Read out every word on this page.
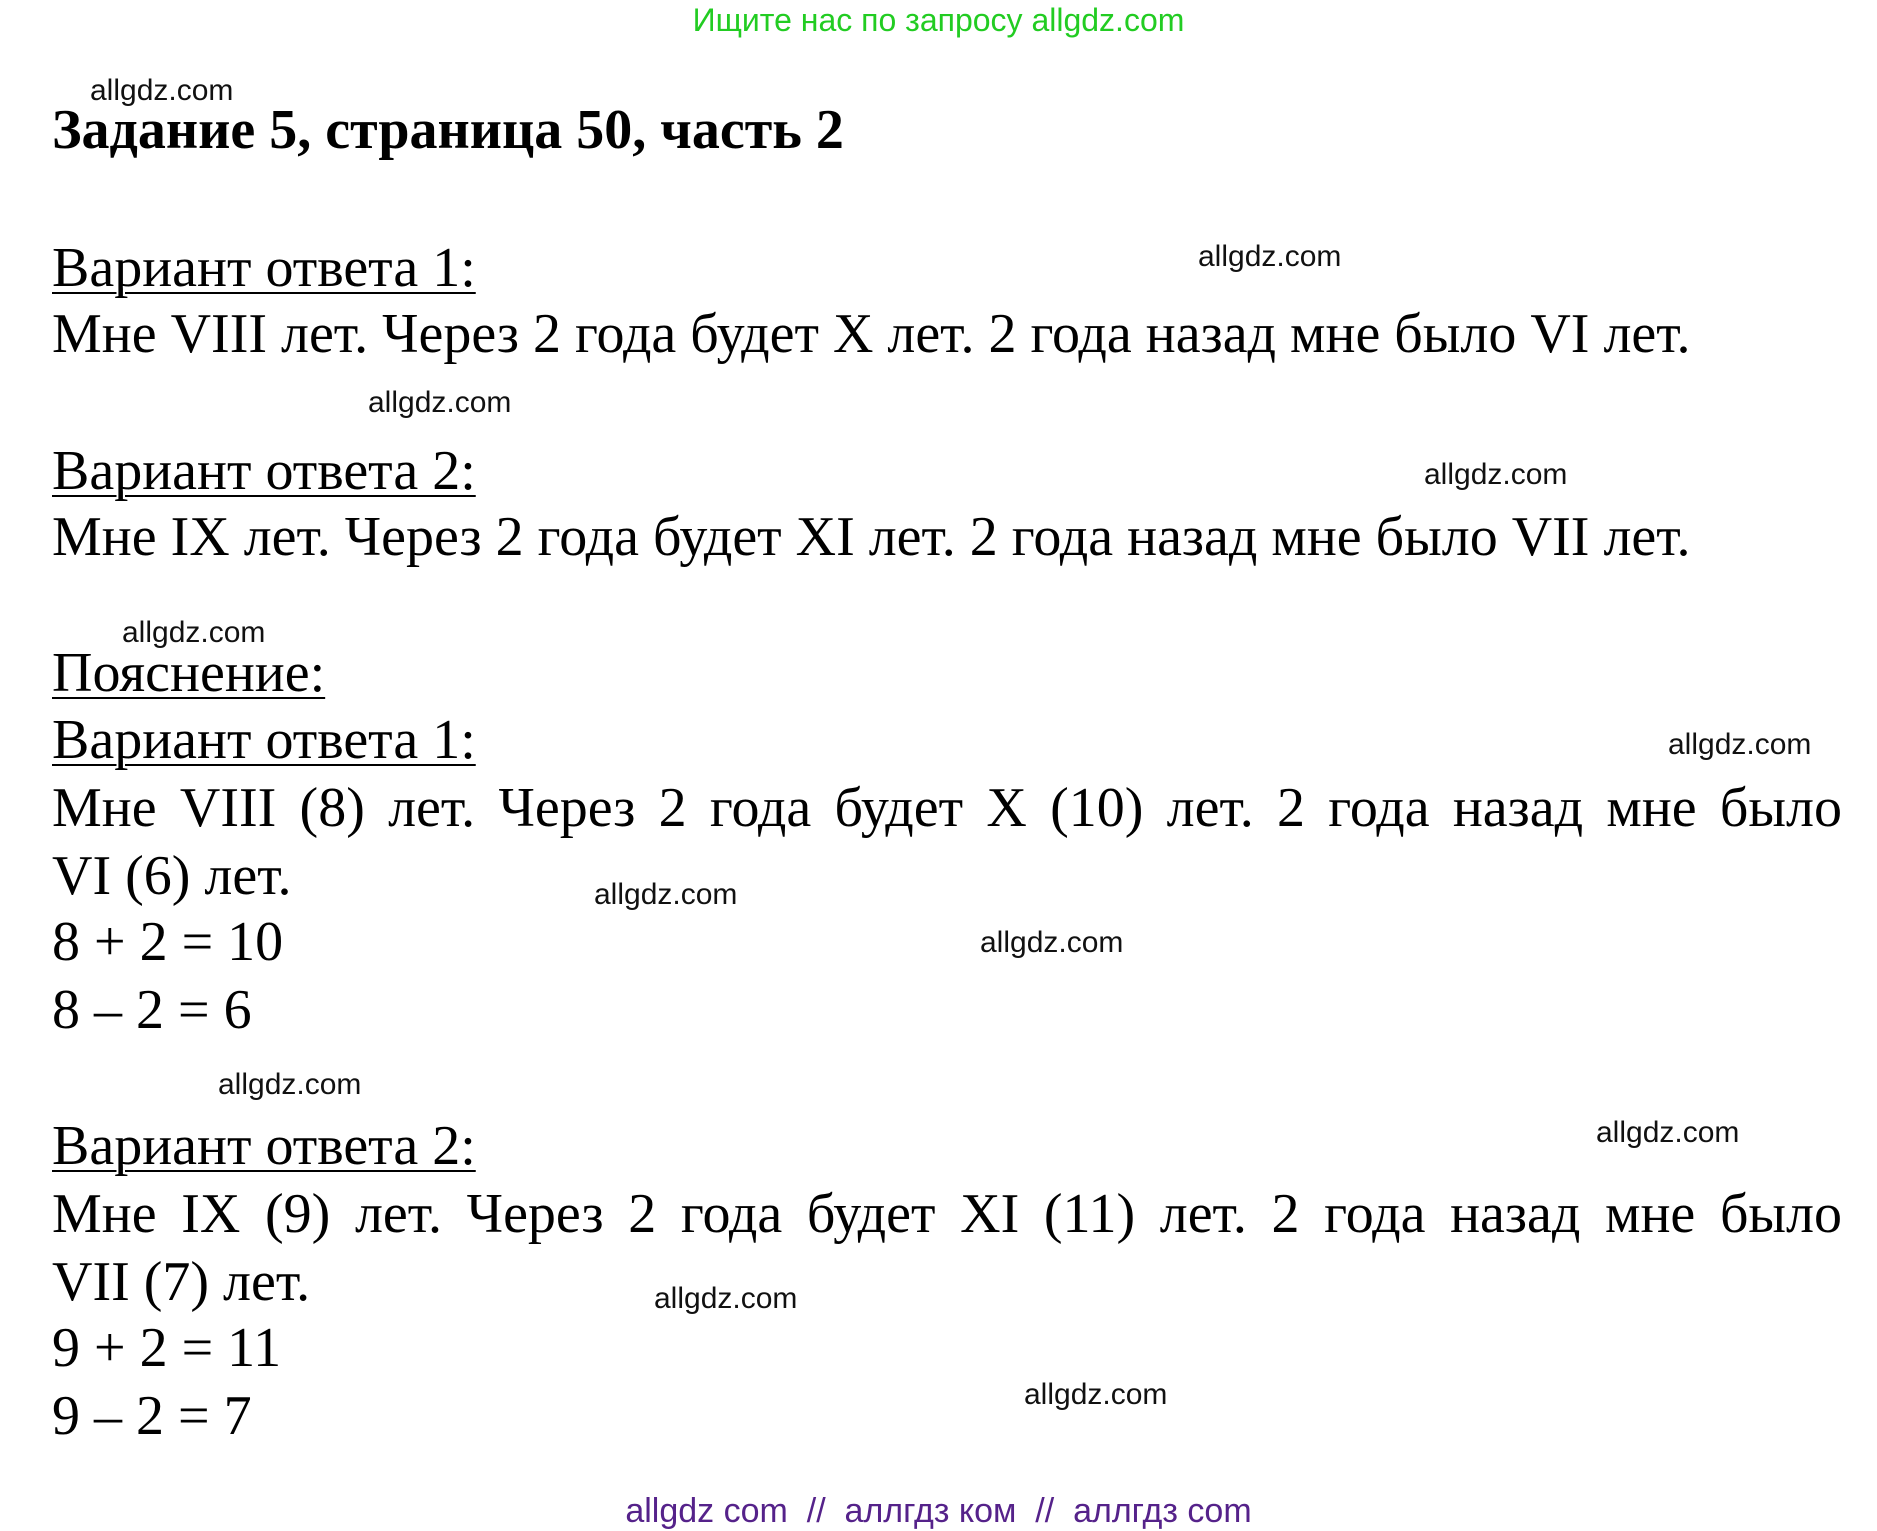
Ищите нас по запросу allgdz.com
allgdz.com
allgdz.com
allgdz.com
allgdz.com
allgdz.com
allgdz.com
allgdz.com
allgdz.com
allgdz.com
allgdz.com
allgdz.com
allgdz.com
Задание 5, страница 50, часть 2
Вариант ответа 1:
Мне VIII лет. Через 2 года будет X лет. 2 года назад мне было VI лет.
Вариант ответа 2:
Мне IX лет. Через 2 года будет XI лет. 2 года назад мне было VII лет.
Пояснение:
Вариант ответа 1:
Мне VIII (8) лет. Через 2 года будет X (10) лет. 2 года назад мне было
VI (6) лет.
8 + 2 = 10
8 – 2 = 6
Вариант ответа 2:
Мне IX (9) лет. Через 2 года будет XI (11) лет. 2 года назад мне было
VII (7) лет.
9 + 2 = 11
9 – 2 = 7
allgdz com  //  аллгдз ком  //  аллгдз com
